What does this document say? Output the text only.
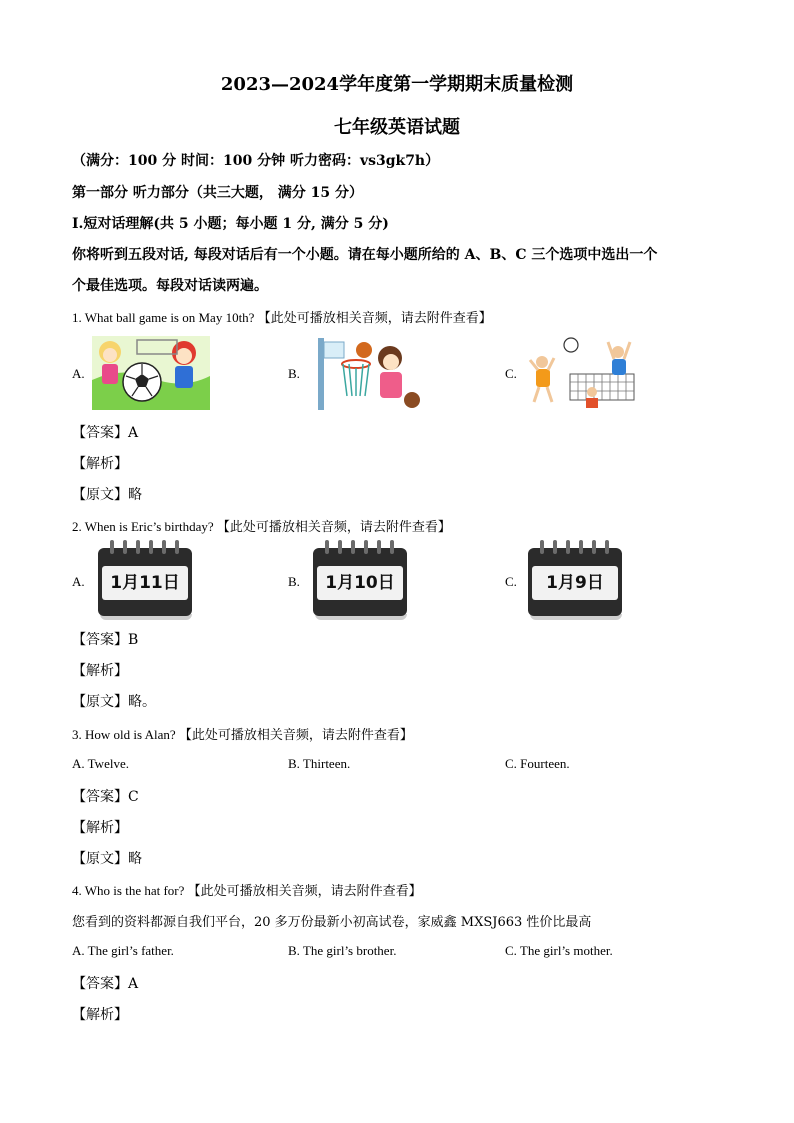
2023—2024学年度第一学期期末质量检测
七年级英语试题
（满分：100 分 时间：100 分钟 听力密码：vs3gk7h）
第一部分 听力部分（共三大题， 满分 15 分）
Ⅰ.短对话理解(共 5 小题；每小题 1 分, 满分 5 分)
你将听到五段对话, 每段对话后有一个小题。请在每小题所给的 A、B、C 三个选项中选出一个
个最佳选项。每段对话读两遍。
1. What ball game is on May 10th? 【此处可播放相关音频，请去附件查看】
A.	B.	C.
【答案】A
【解析】
【原文】略
2. When is Eric’s birthday? 【此处可播放相关音频，请去附件查看】
A.	B.	C.
1月11日	1月10日	1月9日
【答案】B
【解析】
【原文】略。
3. How old is Alan? 【此处可播放相关音频，请去附件查看】
A. Twelve.	B. Thirteen.	C. Fourteen.
【答案】C
【解析】
【原文】略
4. Who is the hat for? 【此处可播放相关音频，请去附件查看】
您看到的资料都源自我们平台，20 多万份最新小初高试卷，家威鑫 MXSJ663 性价比最高
A. The girl’s father.	B. The girl’s brother.	C. The girl’s mother.
【答案】A
【解析】
